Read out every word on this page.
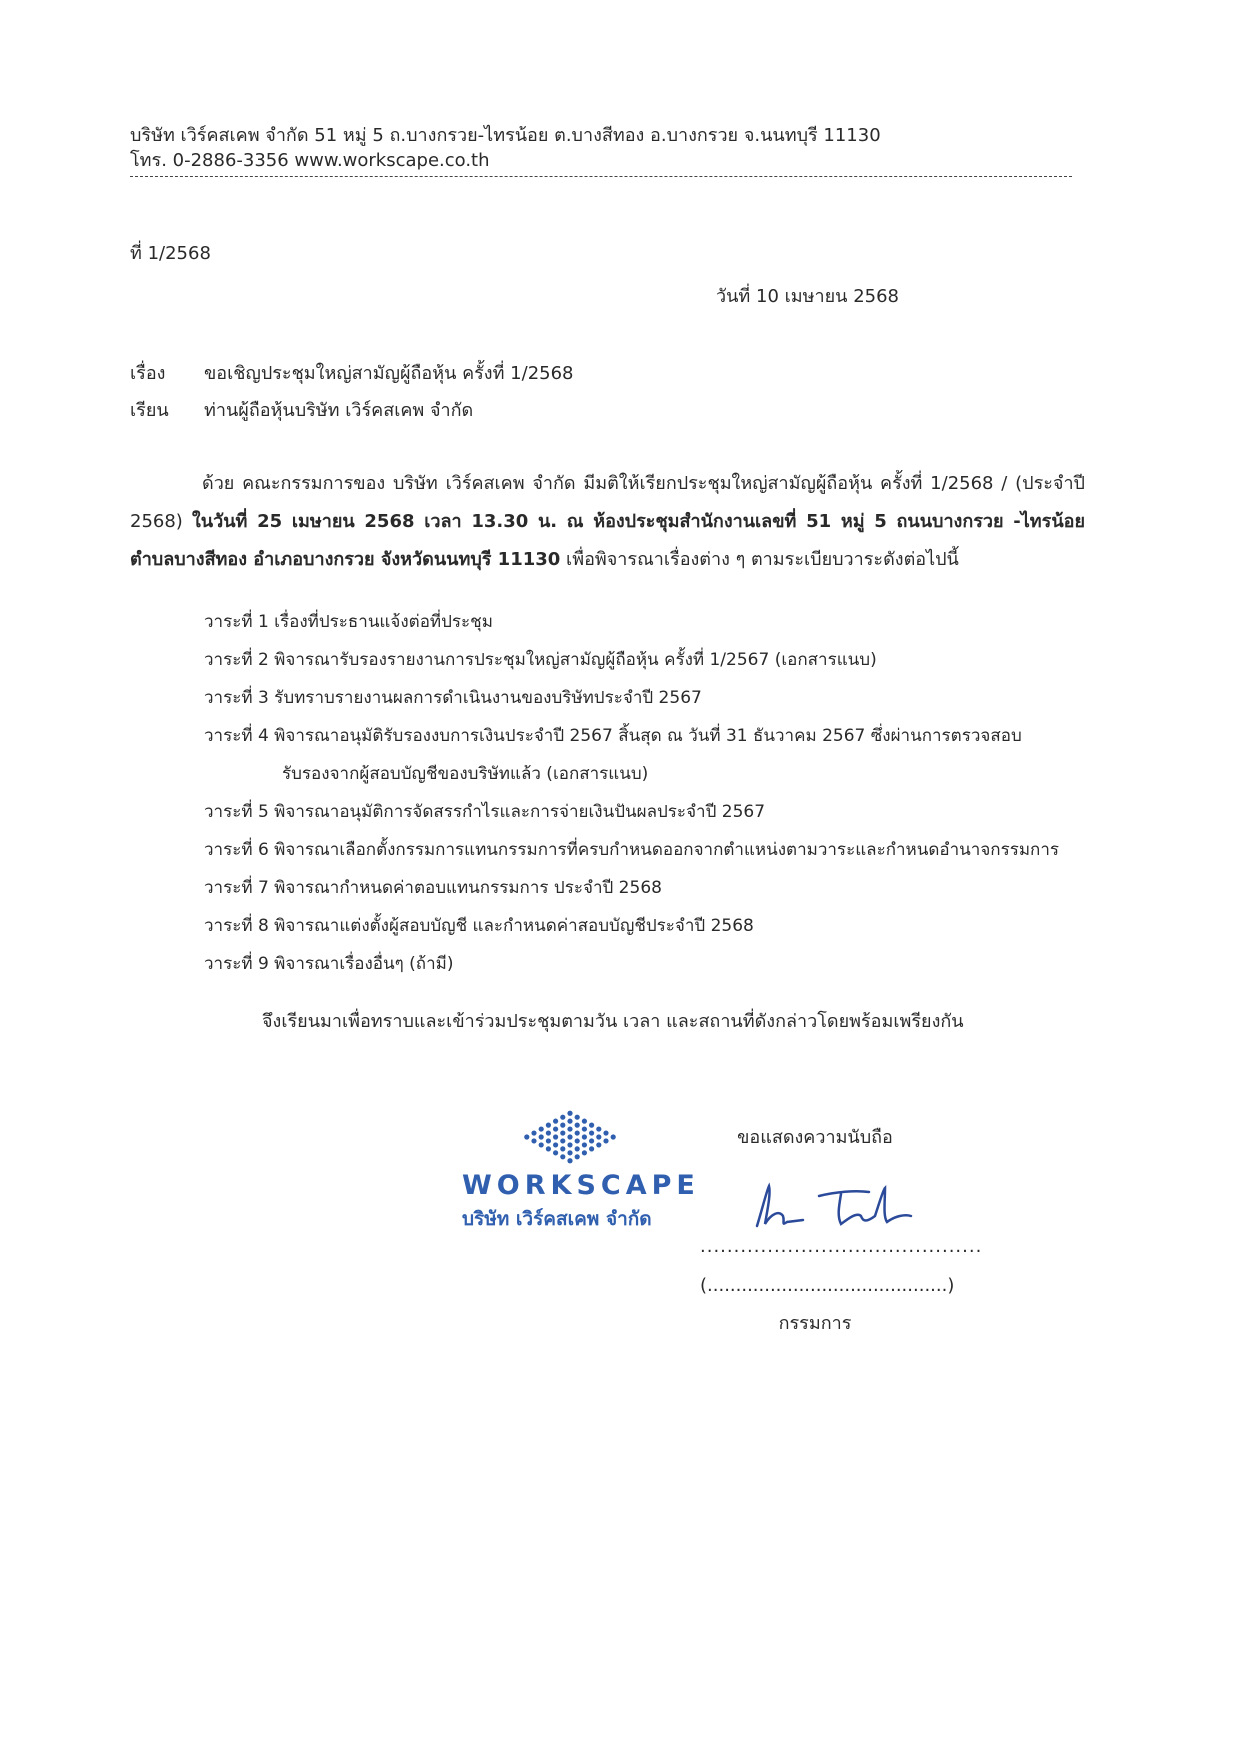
บริษัท เวิร์คสเคพ จำกัด 51 หมู่ 5 ถ.บางกรวย-ไทรน้อย ต.บางสีทอง อ.บางกรวย จ.นนทบุรี 11130
โทร. 0-2886-3356 www.workscape.co.th
ที่ 1/2568
วันที่ 10 เมษายน 2568
เรื่อง ขอเชิญประชุมใหญ่สามัญผู้ถือหุ้น ครั้งที่ 1/2568
เรียน ท่านผู้ถือหุ้นบริษัท เวิร์คสเคพ จำกัด
ด้วย คณะกรรมการของ บริษัท เวิร์คสเคพ จำกัด มีมติให้เรียกประชุมใหญ่สามัญผู้ถือหุ้น ครั้งที่ 1/2568 / (ประจำปี 2568) ในวันที่ 25 เมษายน 2568 เวลา 13.30 น. ณ ห้องประชุมสำนักงานเลขที่ 51 หมู่ 5 ถนนบางกรวย -ไทรน้อย ตำบลบางสีทอง อำเภอบางกรวย จังหวัดนนทบุรี 11130 เพื่อพิจารณาเรื่องต่าง ๆ ตามระเบียบวาระดังต่อไปนี้
วาระที่ 1 เรื่องที่ประธานแจ้งต่อที่ประชุม
วาระที่ 2 พิจารณารับรองรายงานการประชุมใหญ่สามัญผู้ถือหุ้น ครั้งที่ 1/2567 (เอกสารแนบ)
วาระที่ 3 รับทราบรายงานผลการดำเนินงานของบริษัทประจำปี 2567
วาระที่ 4 พิจารณาอนุมัติรับรองงบการเงินประจำปี 2567 สิ้นสุด ณ วันที่ 31 ธันวาคม 2567 ซึ่งผ่านการตรวจสอบ
รับรองจากผู้สอบบัญชีของบริษัทแล้ว (เอกสารแนบ)
วาระที่ 5 พิจารณาอนุมัติการจัดสรรกำไรและการจ่ายเงินปันผลประจำปี 2567
วาระที่ 6 พิจารณาเลือกตั้งกรรมการแทนกรรมการที่ครบกำหนดออกจากตำแหน่งตามวาระและกำหนดอำนาจกรรมการ
วาระที่ 7 พิจารณากำหนดค่าตอบแทนกรรมการ ประจำปี 2568
วาระที่ 8 พิจารณาแต่งตั้งผู้สอบบัญชี และกำหนดค่าสอบบัญชีประจำปี 2568
วาระที่ 9 พิจารณาเรื่องอื่นๆ (ถ้ามี)
จึงเรียนมาเพื่อทราบและเข้าร่วมประชุมตามวัน เวลา และสถานที่ดังกล่าวโดยพร้อมเพรียงกัน
WORKSCAPE
บริษัท เวิร์คสเคพ จำกัด
ขอแสดงความนับถือ
..........................................
(..........................................)
กรรมการ
